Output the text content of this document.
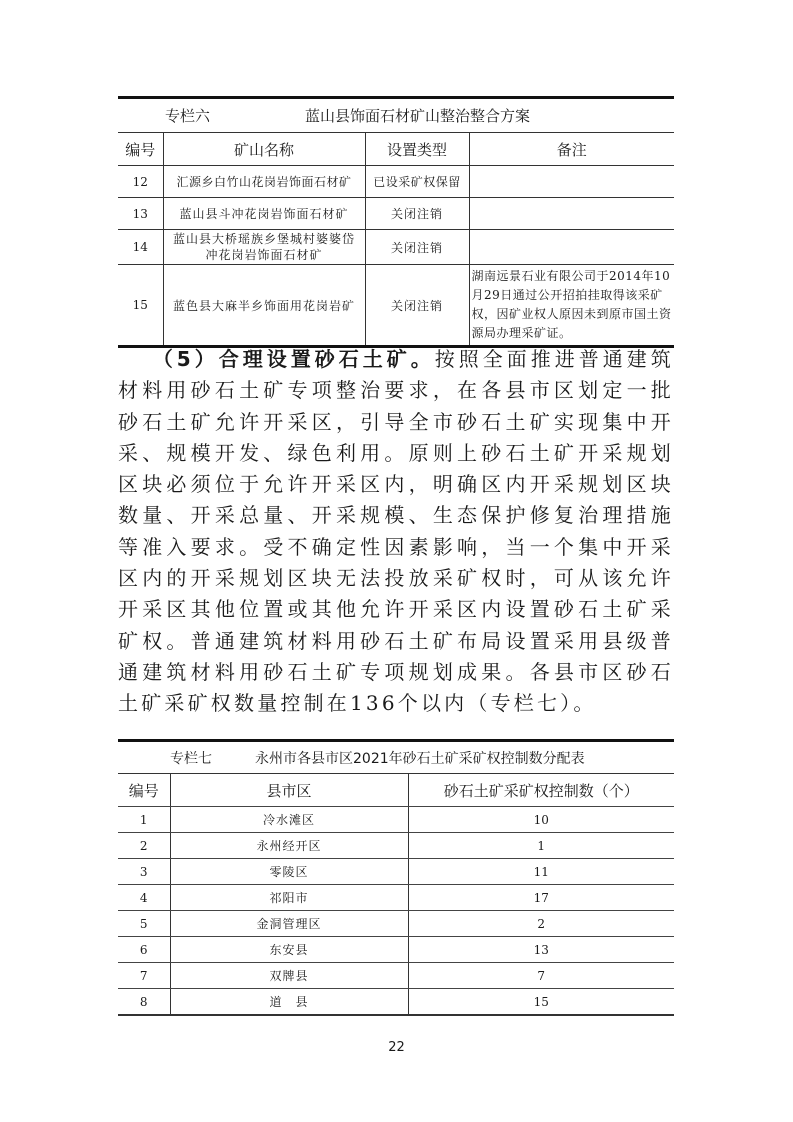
专栏六	蓝山县饰面石材矿山整治整合方案
编号	矿山名称	设置类型	备注
12	汇源乡白竹山花岗岩饰面石材矿	已设采矿权保留	
13	蓝山县斗冲花岗岩饰面石材矿	关闭注销	
14	蓝山县大桥瑶族乡堡城村婆婆岱冲花岗岩饰面石材矿	关闭注销	
15	蓝色县大麻半乡饰面用花岗岩矿	关闭注销	湖南远景石业有限公司于2014年10月29日通过公开招拍挂取得该采矿权，因矿业权人原因未到原市国土资源局办理采矿证。
（5）合理设置砂石土矿。按照全面推进普通建筑材料用砂石土矿专项整治要求，在各县市区划定一批砂石土矿允许开采区，引导全市砂石土矿实现集中开采、规模开发、绿色利用。原则上砂石土矿开采规划区块必须位于允许开采区内，明确区内开采规划区块数量、开采总量、开采规模、生态保护修复治理措施等准入要求。受不确定性因素影响，当一个集中开采区内的开采规划区块无法投放采矿权时，可从该允许开采区其他位置或其他允许开采区内设置砂石土矿采矿权。普通建筑材料用砂石土矿布局设置采用县级普通建筑材料用砂石土矿专项规划成果。各县市区砂石土矿采矿权数量控制在136个以内（专栏七）。
专栏七	永州市各县市区2021年砂石土矿采矿权控制数分配表
编号	县市区	砂石土矿采矿权控制数（个）
1	冷水滩区	10
2	永州经开区	1
3	零陵区	11
4	祁阳市	17
5	金洞管理区	2
6	东安县	13
7	双牌县	7
8	道　县	15
22
